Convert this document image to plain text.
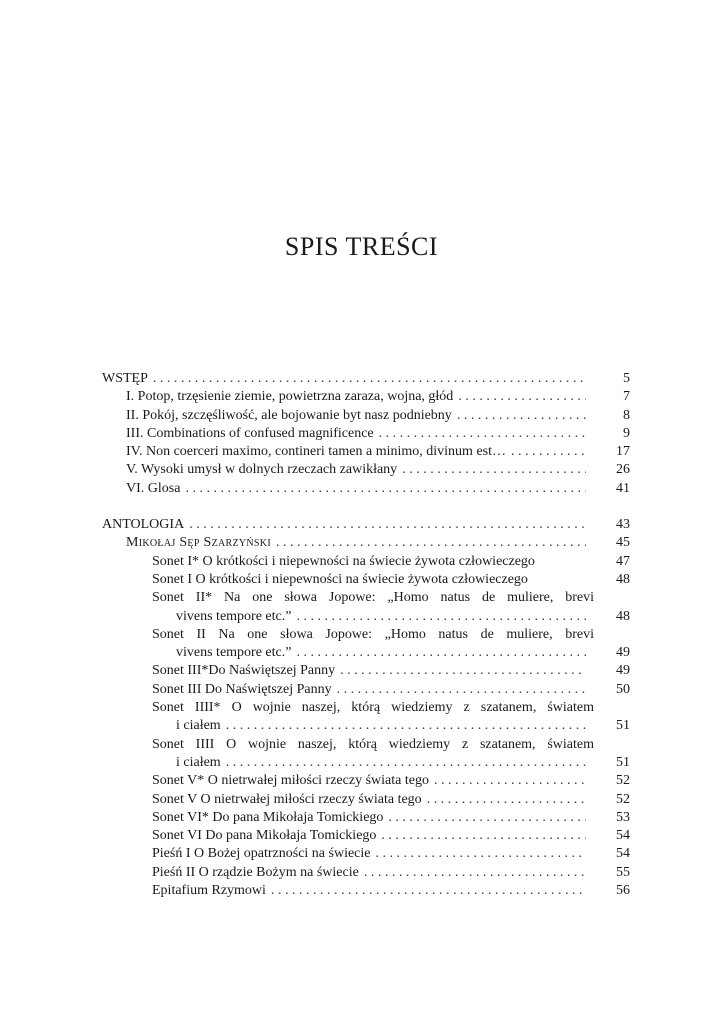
SPIS TREŚCI
WSTĘP . . .	5
I. Potop, trzęsienie ziemie, powietrzna zaraza, wojna, głód . . .	7
II. Pokój, szczęśliwość, ale bojowanie byt nasz podniebny . . .	8
III. Combinations of confused magnificence . . .	9
IV. Non coerceri maximo, contineri tamen a minimo, divinum est… . . .	17
V. Wysoki umysł w dolnych rzeczach zawikłany . . .	26
VI. Glosa . . .	41
ANTOLOGIA . . .	43
Mikołaj Sęp Szarzyński . . .	45
Sonet I* O krótkości i niepewności na świecie żywota człowieczego	47
Sonet I O krótkości i niepewności na świecie żywota człowieczego	48
Sonet II* Na one słowa Jopowe: „Homo natus de muliere, brevi
vivens tempore etc.” . . .	48
Sonet II Na one słowa Jopowe: „Homo natus de muliere, brevi
vivens tempore etc.” . . .	49
Sonet III*Do Naświętszej Panny . . .	49
Sonet III Do Naświętszej Panny . . .	50
Sonet IIII* O wojnie naszej, którą wiedziemy z szatanem, światem
i ciałem . . .	51
Sonet IIII O wojnie naszej, którą wiedziemy z szatanem, światem
i ciałem . . .	51
Sonet V* O nietrwałej miłości rzeczy świata tego . . .	52
Sonet V O nietrwałej miłości rzeczy świata tego . . .	52
Sonet VI* Do pana Mikołaja Tomickiego . . .	53
Sonet VI Do pana Mikołaja Tomickiego . . .	54
Pieśń I O Bożej opatrzności na świecie . . .	54
Pieśń II O rządzie Bożym na świecie . . .	55
Epitafium Rzymowi . . .	56
